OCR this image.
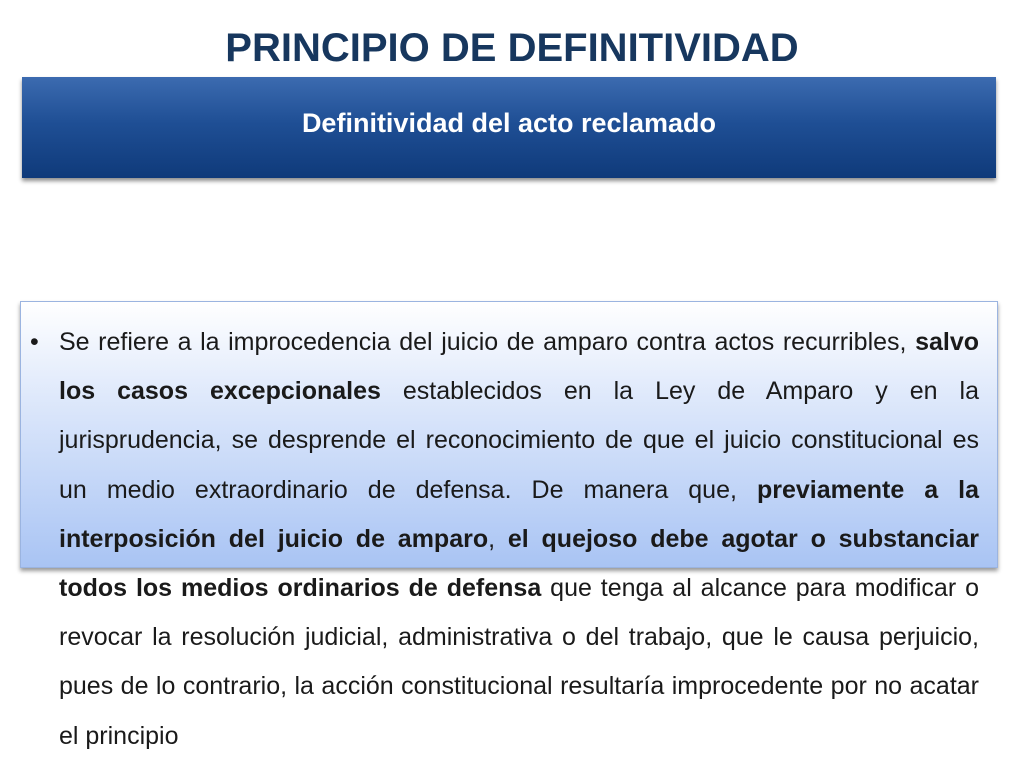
PRINCIPIO DE DEFINITIVIDAD
Definitividad del acto reclamado
• Se refiere a la improcedencia del juicio de amparo contra actos recurribles, salvo los casos excepcionales establecidos en la Ley de Amparo y en la jurisprudencia, se desprende el reconocimiento de que el juicio constitucional es un medio extraordinario de defensa. De manera que, previamente a la interposición del juicio de amparo, el quejoso debe agotar o substanciar todos los medios ordinarios de defensa que tenga al alcance para modificar o revocar la resolución judicial, administrativa o del trabajo, que le causa perjuicio, pues de lo contrario, la acción constitucional resultaría improcedente por no acatar el principio
